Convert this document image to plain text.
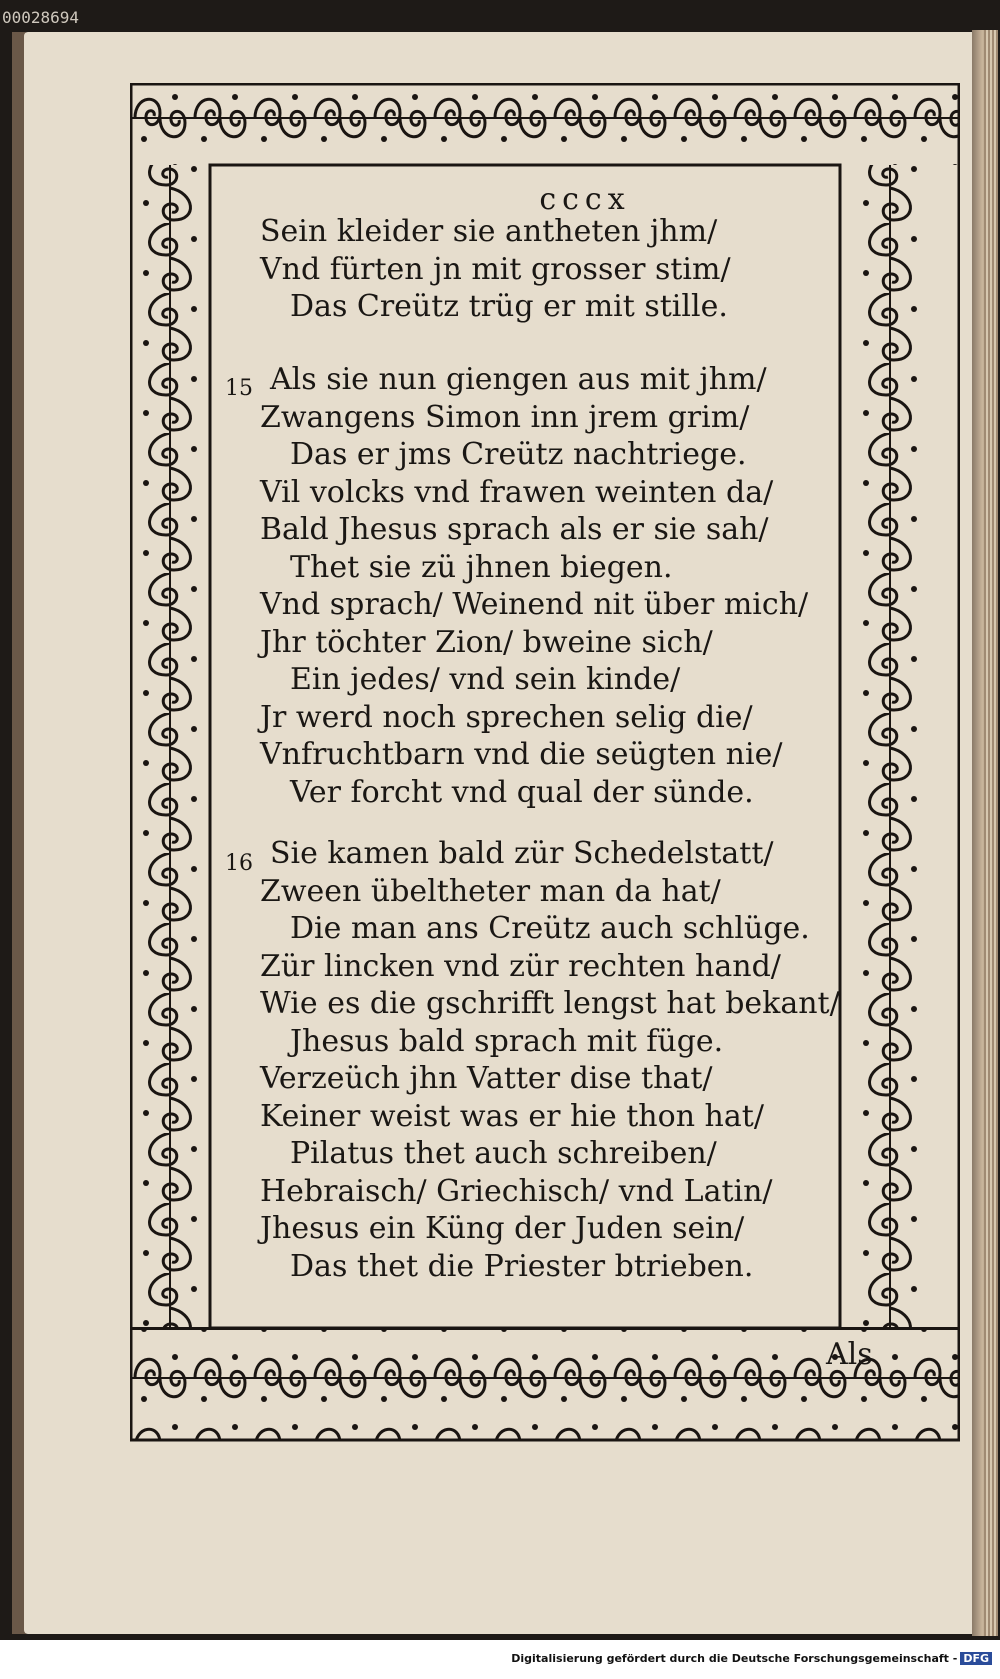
00028694
cccx
Sein kleider sie antheten jhm/
Vnd fürten jn mit grosser stim/
Das Creütz trüg er mit stille.
15 Als sie nun giengen aus mit jhm/
Zwangens Simon inn jrem grim/
Das er jms Creütz nachtriege.
Vil volcks vnd frawen weinten da/
Bald Jhesus sprach als er sie sah/
Thet sie zü jhnen biegen.
Vnd sprach/ Weinend nit über mich/
Jhr töchter Zion/ bweine sich/
Ein jedes/ vnd sein kinde/
Jr werd noch sprechen selig die/
Vnfruchtbarn vnd die seügten nie/
Ver forcht vnd qual der sünde.
16 Sie kamen bald zür Schedelstatt/
Zween übeltheter man da hat/
Die man ans Creütz auch schlüge.
Zür lincken vnd zür rechten hand/
Wie es die gschrifft lengst hat bekant/
Jhesus bald sprach mit füge.
Verzeüch jhn Vatter dise that/
Keiner weist was er hie thon hat/
Pilatus thet auch schreiben/
Hebraisch/ Griechisch/ vnd Latin/
Jhesus ein Küng der Juden sein/
Das thet die Priester btrieben.
Als
Digitalisierung gefördert durch die Deutsche Forschungsgemeinschaft - DFG
